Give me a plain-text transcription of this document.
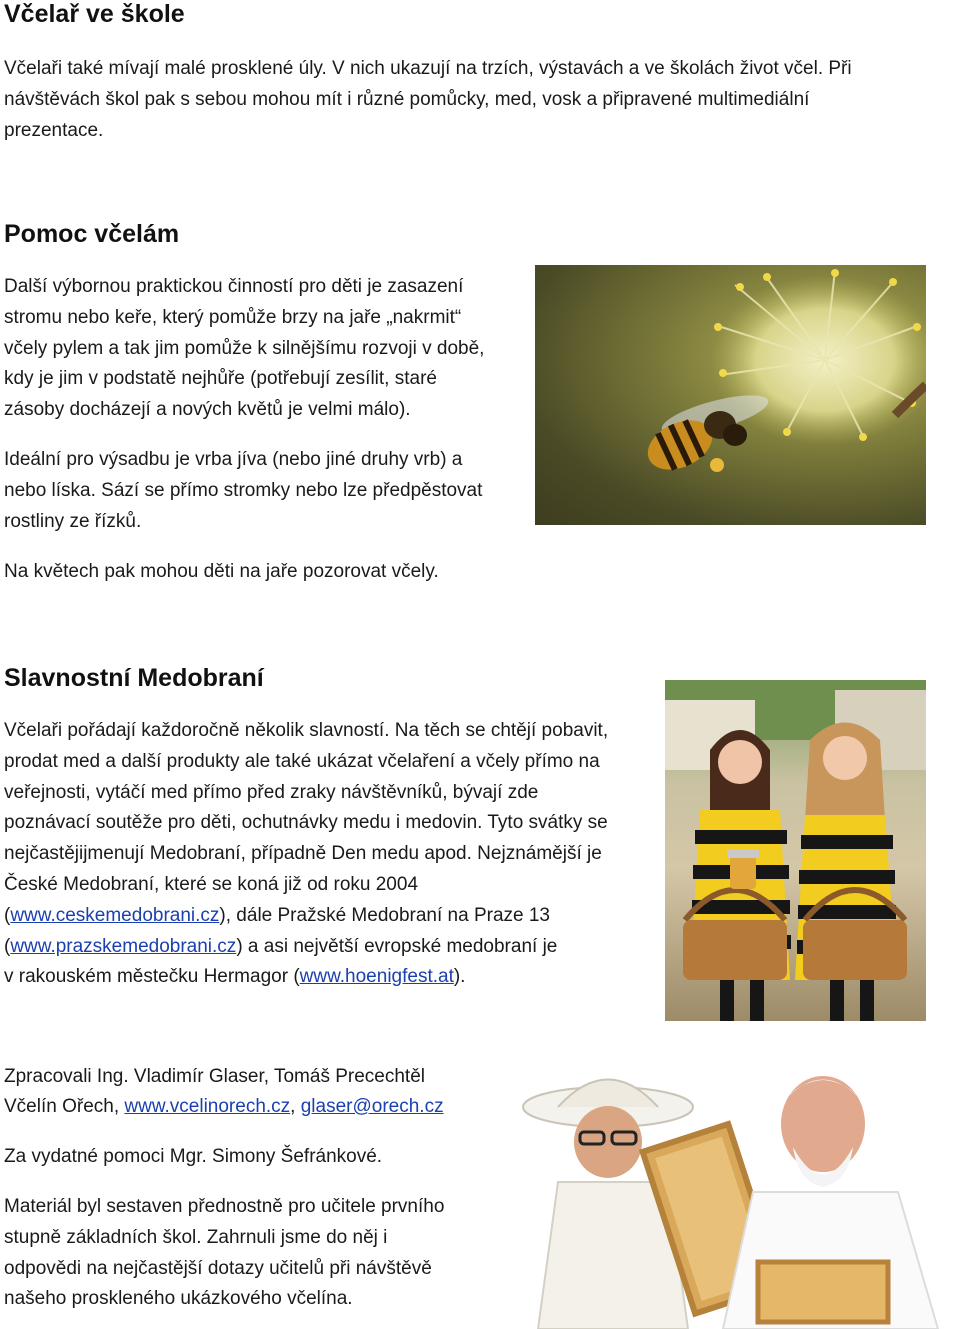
Včelař ve škole

Včelaři také mívají malé prosklené úly. V nich ukazují na trzích, výstavách a ve školách život včel. Při

návštěvách škol pak s sebou mohou mít i různé pomůcky, med, vosk a připravené multimediální

prezentace.

Pomoc včelám

Další výbornou praktickou činností pro děti je zasazení

stromu nebo keře, který pomůže brzy na jaře „nakrmit“

včely pylem a tak jim pomůže k silnějšímu rozvoji v době,

kdy je jim v podstatě nejhůře (potřebují zesílit, staré

zásoby docházejí a nových květů je velmi málo).

Ideální pro výsadbu je vrba jíva (nebo jiné druhy vrb) a

nebo líska. Sází se přímo stromky nebo lze předpěstovat

rostliny ze řízků.

Na květech pak mohou děti na jaře pozorovat včely.

Slavnostní Medobraní

Včelaři pořádají každoročně několik slavností. Na těch se chtějí pobavit,

prodat med a další produkty ale také ukázat včelaření a včely přímo na

veřejnosti, vytáčí med přímo před zraky návštěvníků, bývají zde

poznávací soutěže pro děti, ochutnávky medu i medovin. Tyto svátky se

nejčastějijmenují Medobraní, případně Den medu apod. Nejznámější je

České Medobraní, které se koná již od roku 2004

(www.ceskemedobrani.cz), dále Pražské Medobraní na Praze 13

(www.prazskemedobrani.cz) a asi největší evropské medobraní je

v rakouském městečku Hermagor (www.hoenigfest.at).

Zpracovali Ing. Vladimír Glaser, Tomáš Precechtěl

Včelín Ořech, www.vcelinorech.cz, glaser@orech.cz

Za vydatné pomoci Mgr. Simony Šefránkové.

Materiál byl sestaven přednostně pro učitele prvního

stupně základních škol. Zahrnuli jsme do něj i

odpovědi na nejčastější dotazy učitelů při návštěvě

našeho proskleného ukázkového včelína.
